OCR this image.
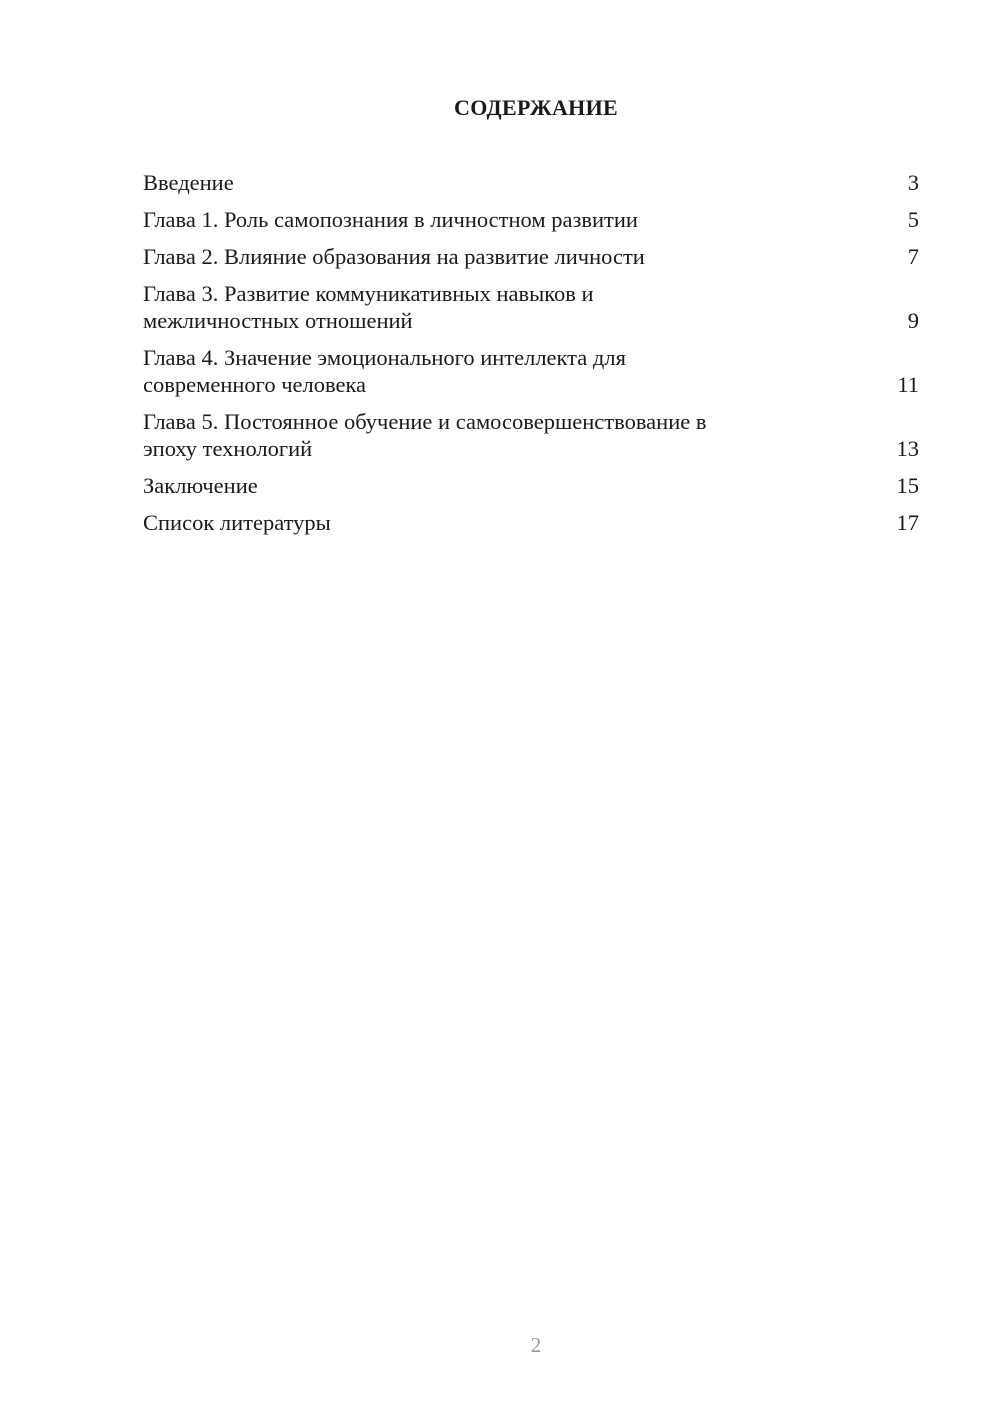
СОДЕРЖАНИЕ
Введение	3
Глава 1. Роль самопознания в личностном развитии	5
Глава 2. Влияние образования на развитие личности	7
Глава 3. Развитие коммуникативных навыков и
межличностных отношений	9
Глава 4. Значение эмоционального интеллекта для
современного человека	11
Глава 5. Постоянное обучение и самосовершенствование в
эпоху технологий	13
Заключение	15
Список литературы	17
2
